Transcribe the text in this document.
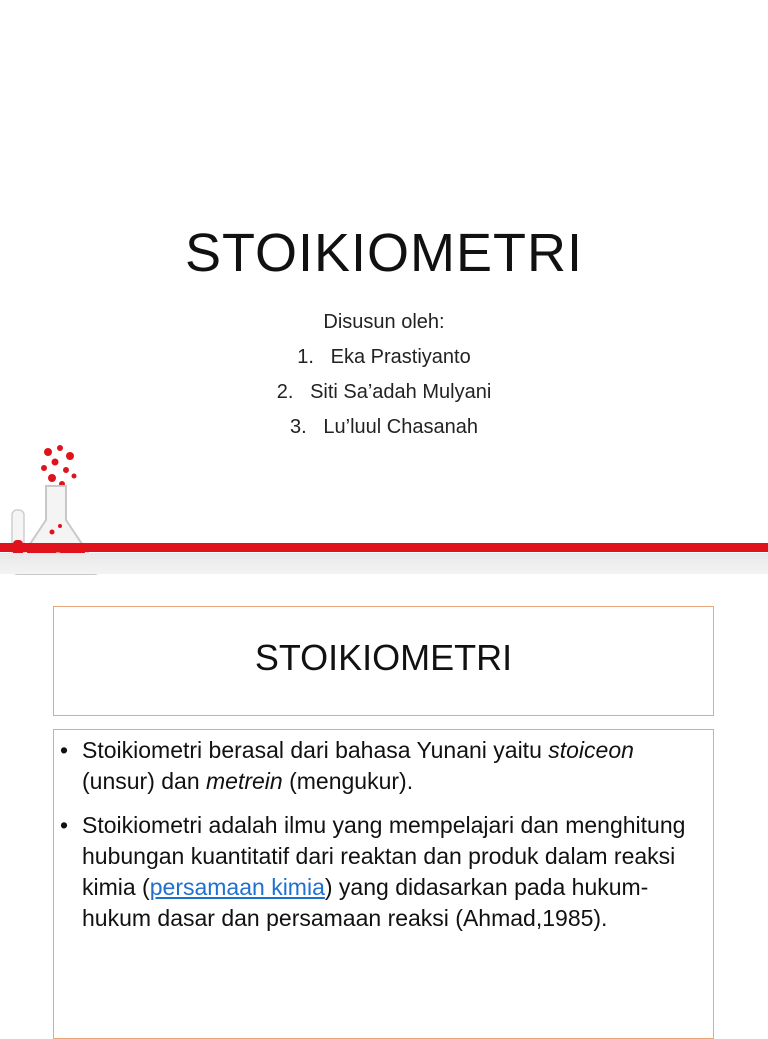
STOIKIOMETRI
Disusun oleh:
1. Eka Prastiyanto
2. Siti Sa’adah Mulyani
3. Lu’luul Chasanah
STOIKIOMETRI
• Stoikiometri berasal dari bahasa Yunani yaitu stoiceon (unsur) dan metrein (mengukur).
• Stoikiometri adalah ilmu yang mempelajari dan menghitung hubungan kuantitatif dari reaktan dan produk dalam reaksi kimia (persamaan kimia) yang didasarkan pada hukum-hukum dasar dan persamaan reaksi (Ahmad,1985).
